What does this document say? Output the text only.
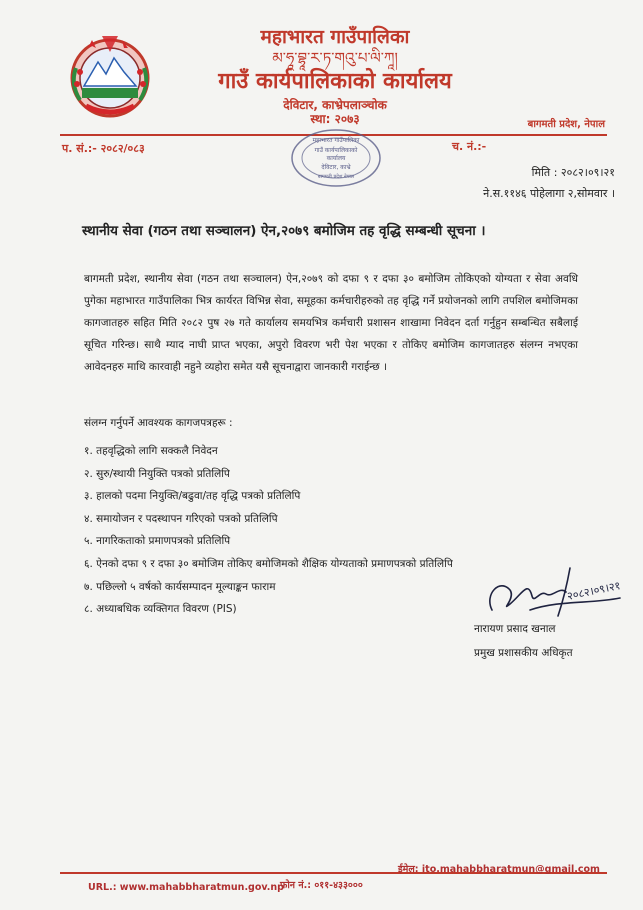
महाभारत गाउँपालिका
མ་ཧཱ་བྷཱ་ར་ཏ་གའུ་པ་ལི་ཀཱ།
गाउँ कार्यपालिकाको कार्यालय
देविटार, काभ्रेपलाञ्चोक
स्था: २०७३	बागमती प्रदेश, नेपाल
प. सं.:- २०८२/०८३	च. नं.:-
महाभारत गाउँपालिका
गाउँ कार्यपालिकाको
कार्यालय
देविटार, काभ्रे
बागमती प्रदेश नेपाल	मिति : २०८२।०९।२१
ने.स.११४६ पोहेलागा २,सोमवार ।
स्थानीय सेवा (गठन तथा सञ्चालन) ऐन,२०७९ बमोजिम तह वृद्धि सम्बन्धी सूचना ।
बागमती प्रदेश, स्थानीय सेवा (गठन तथा सञ्चालन) ऐन,२०७९ को दफा ९ र दफा ३० बमोजिम तोकिएको योग्यता र सेवा अवधि पुगेका महाभारत गाउँपालिका भित्र कार्यरत विभिन्न सेवा, समूहका कर्मचारीहरुको तह वृद्धि गर्ने प्रयोजनको लागि तपशिल बमोजिमका कागजातहरु सहित मिति २०८२ पुष २७ गते कार्यालय समयभित्र कर्मचारी प्रशासन शाखामा निवेदन दर्ता गर्नुहुन सम्बन्धित सबैलाई सूचित गरिन्छ। साथै म्याद नाघी प्राप्त भएका, अपुरो विवरण भरी पेश भएका र तोकिए बमोजिम कागजातहरु संलग्न नभएका आवेदनहरु माथि कारवाही नहुने व्यहोरा समेत यसै सूचनाद्वारा जानकारी गराईन्छ ।
संलग्न गर्नुपर्ने आवश्यक कागजपत्रहरू :
१. तहवृद्धिको लागि सक्कलै निवेदन
२. सुरु/स्थायी नियुक्ति पत्रको प्रतिलिपि
३. हालको पदमा नियुक्ति/बढुवा/तह वृद्धि पत्रको प्रतिलिपि
४. समायोजन र पदस्थापन गरिएको पत्रको प्रतिलिपि
५. नागरिकताको प्रमाणपत्रको प्रतिलिपि
६. ऐनको दफा ९ र दफा ३० बमोजिम तोकिए बमोजिमको शैक्षिक योग्यताको प्रमाणपत्रको प्रतिलिपि
७. पछिल्लो ५ वर्षको कार्यसम्पादन मूल्याङ्कन फाराम
८. अध्याबधिक व्यक्तिगत विवरण (PIS)
२०८२।०९।२१
नारायण प्रसाद खनाल
प्रमुख प्रशासकीय अधिकृत
URL.: www.mahabbharatmun.gov.np
फोन नं.: ०११-४३३०००
ईमेल: ito.mahabbharatmun@gmail.com
